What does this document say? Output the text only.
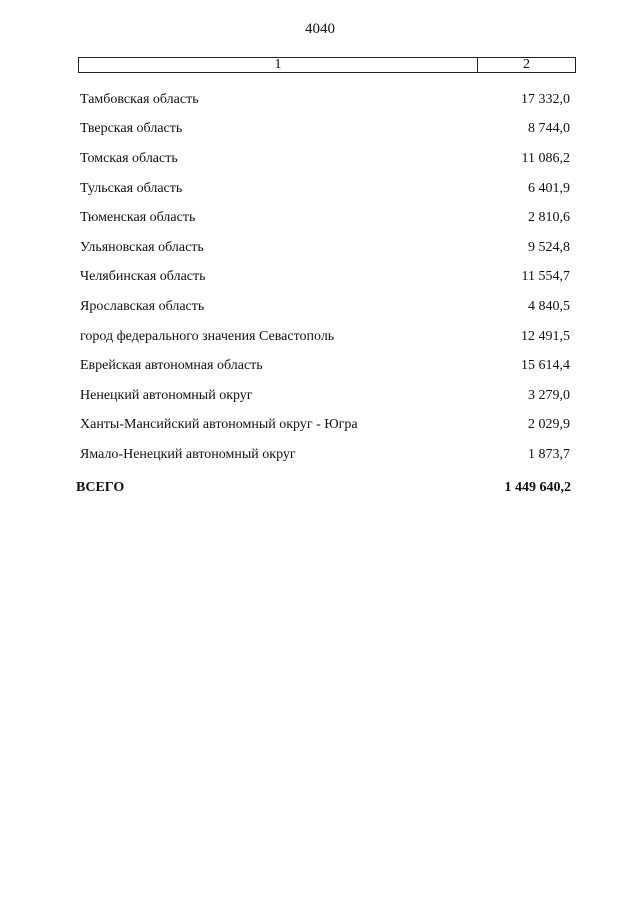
4040
1	2
Тамбовская область	17 332,0
Тверская область	8 744,0
Томская область	11 086,2
Тульская область	6 401,9
Тюменская область	2 810,6
Ульяновская область	9 524,8
Челябинская область	11 554,7
Ярославская область	4 840,5
город федерального значения Севастополь	12 491,5
Еврейская автономная область	15 614,4
Ненецкий автономный округ	3 279,0
Ханты-Мансийский автономный округ - Югра	2 029,9
Ямало-Ненецкий автономный округ	1 873,7
ВСЕГО	1 449 640,2
